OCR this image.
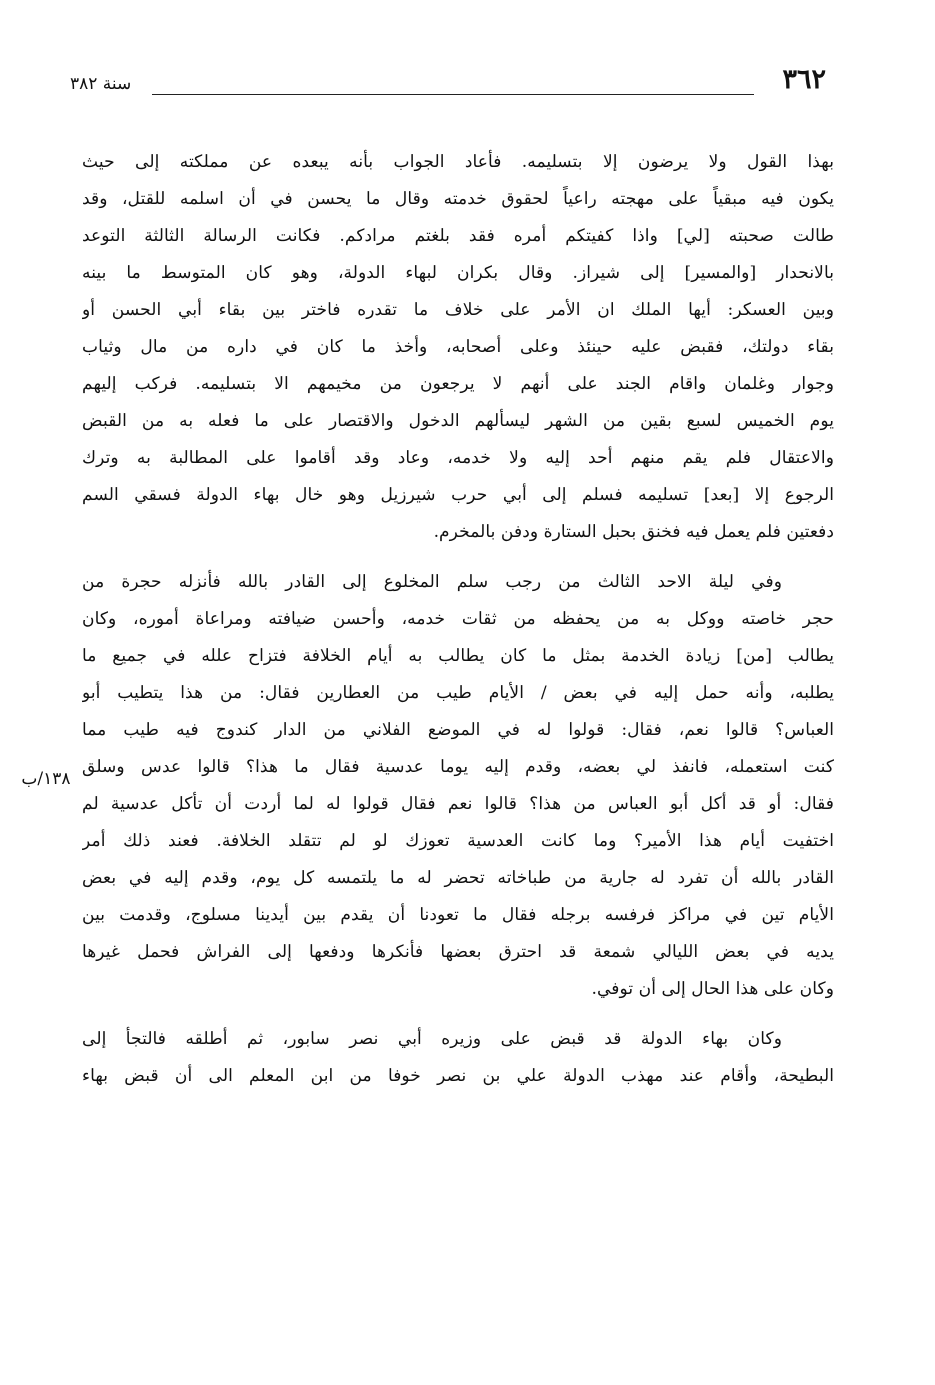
٣٦٢
سنة ٣٨٢
١٣٨/ب
بهذا القول ولا يرضون إلا بتسليمه. فأعاد الجواب بأنه يبعده عن مملكته إلى حيث
يكون فيه مبقياً على مهجته راعياً لحقوق خدمته وقال ما يحسن في أن اسلمه للقتل، وقد
طالت صحبته [لي] واذا كفيتكم أمره فقد بلغتم مرادكم. فكانت الرسالة الثالثة التوعد
بالانحدار [والمسير] إلى شيراز. وقال بكران لبهاء الدولة، وهو كان المتوسط ما بينه
وبين العسكر: أيها الملك ان الأمر على خلاف ما تقدره فاختر بين بقاء أبي الحسن أو
بقاء دولتك، فقبض عليه حينئذ وعلى أصحابه، وأخذ ما كان في داره من مال وثياب
وجوار وغلمان واقام الجند على أنهم لا يرجعون من مخيمهم الا بتسليمه. فركب إليهم
يوم الخميس لسبع بقين من الشهر ليسألهم الدخول والاقتصار على ما فعله به من القبض
والاعتقال فلم يقم منهم أحد إليه ولا خدمه، وعاد وقد أقاموا على المطالبة به وترك
الرجوع إلا [بعد] تسليمه فسلم إلى أبي حرب شيرزيل وهو خال بهاء الدولة فسقي السم
دفعتين فلم يعمل فيه فخنق بحبل الستارة ودفن بالمخرم.
وفي ليلة الاحد الثالث من رجب سلم المخلوع إلى القادر بالله فأنزله حجرة من
حجر خاصته ووكل به من يحفظه من ثقات خدمه، وأحسن ضيافته ومراعاة أموره، وكان
يطالب [من] زيادة الخدمة بمثل ما كان يطالب به أيام الخلافة فتزاح علله في جميع ما
يطلبه، وأنه حمل إليه في بعض / الأيام طيب من العطارين فقال: من هذا يتطيب أبو
العباس؟ قالوا نعم، فقال: قولوا له في الموضع الفلاني من الدار كندوج فيه طيب مما
كنت استعمله، فانفذ لي بعضه، وقدم إليه يوما عدسية فقال ما هذا؟ قالوا عدس وسلق
فقال: أو قد أكل أبو العباس من هذا؟ قالوا نعم فقال قولوا له لما أردت أن تأكل عدسية لم
اختفيت أيام هذا الأمير؟ وما كانت العدسية تعوزك لو لم تتقلد الخلافة. فعند ذلك أمر
القادر بالله أن تفرد له جارية من طباخاته تحضر له ما يلتمسه كل يوم، وقدم إليه في بعض
الأيام تين في مراكز فرفسه برجله فقال ما تعودنا أن يقدم بين أيدينا مسلوج، وقدمت بين
يديه في بعض الليالي شمعة قد احترق بعضها فأنكرها ودفعها إلى الفراش فحمل غيرها
وكان على هذا الحال إلى أن توفي.
وكان بهاء الدولة قد قبض على وزيره أبي نصر سابور، ثم أطلقه فالتجأ إلى
البطيحة، وأقام عند مهذب الدولة علي بن نصر خوفا من ابن المعلم الى أن قبض بهاء
